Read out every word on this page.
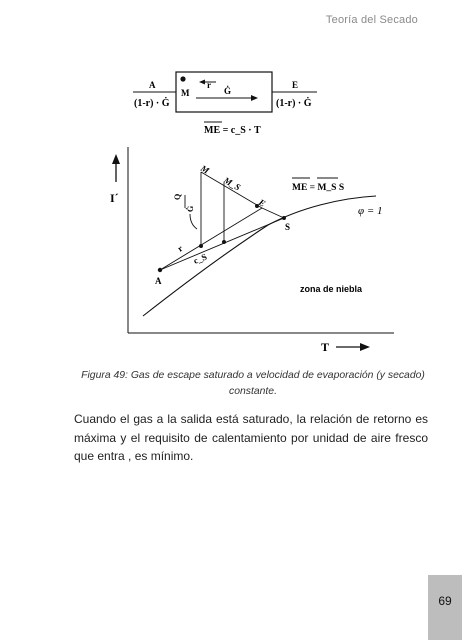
Teoría del Secado
M
r
Ġ
A
(1-r) · Ġ
E
(1-r) · Ġ
ME = c_S · T
I´
T
φ = 1
M
M_S
E
S
A
r
c_S
Q
Ġ
ME = M_S S
zona de niebla
Figura 49: Gas de escape saturado a velocidad de evaporación (y secado) constante.

Cuando el gas a la salida está saturado, la relación de retorno es máxima y el requisito de calentamiento por unidad de aire fresco que entra , es mínimo.

69
